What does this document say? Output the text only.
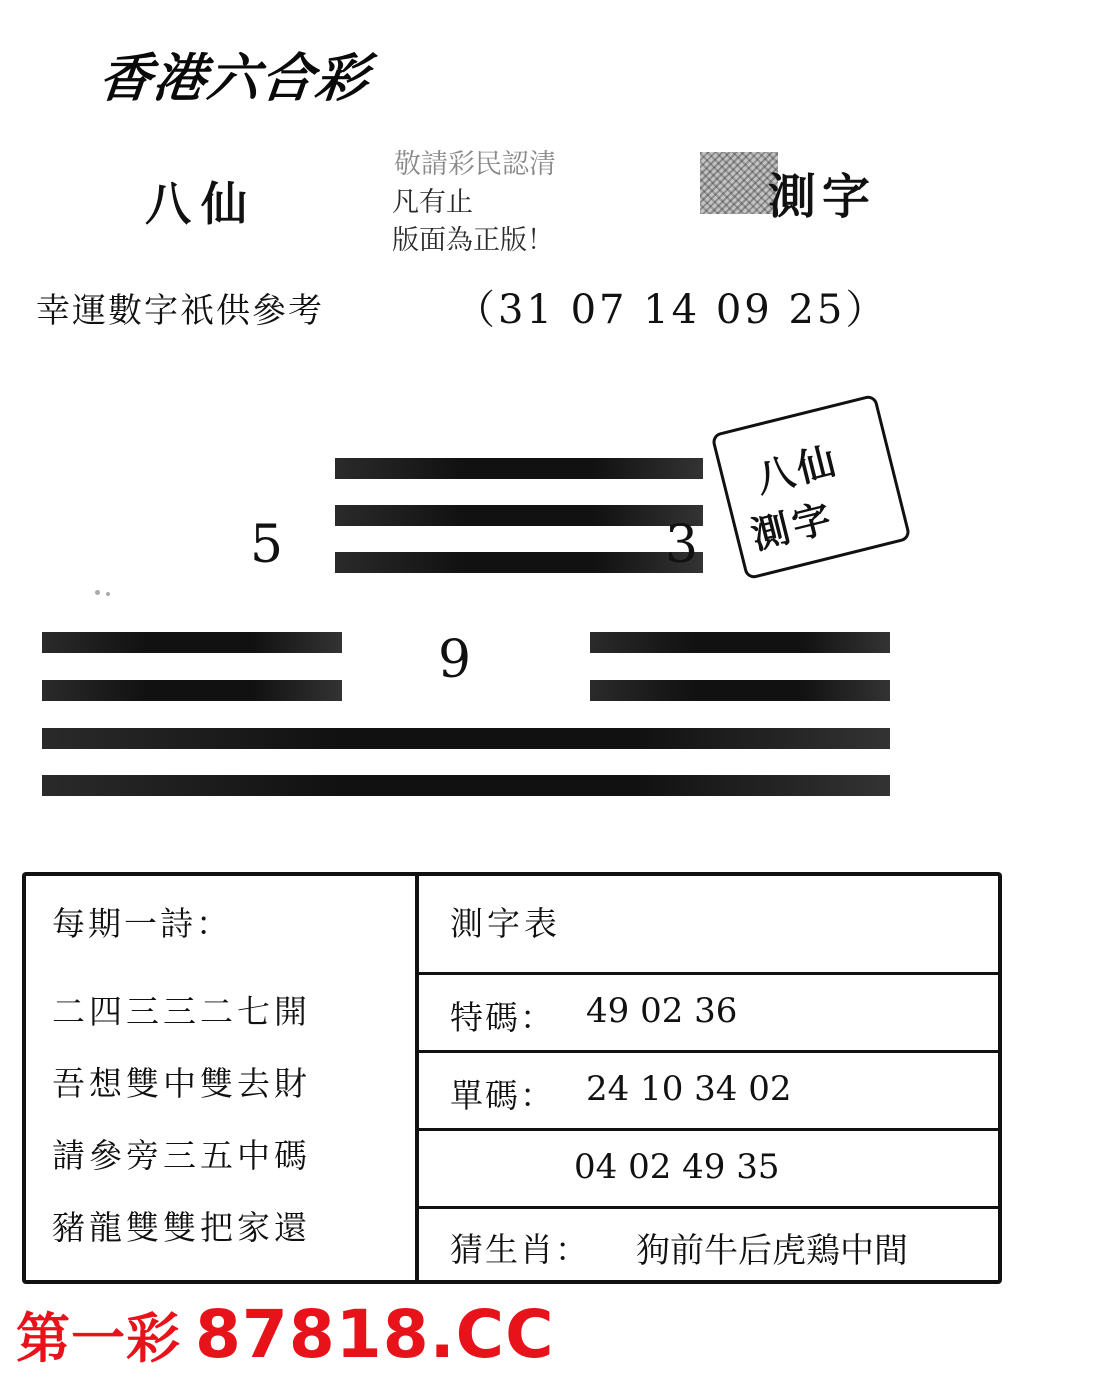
香港六合彩
八仙
敬請彩民認清
凡有止
版面為正版！
測字
幸運數字祇供參考	（31 07 14 09 25）
5	3
9
八仙
測字
每期一詩：
二四三三二七開
吾想雙中雙去財
請參旁三五中碼
豬龍雙雙把家還
測字表
特碼： 49 02 36
單碼： 24 10 34 02
04 02 49 35
猜生肖： 狗前牛后虎鶏中間
第一彩 87818.CC
